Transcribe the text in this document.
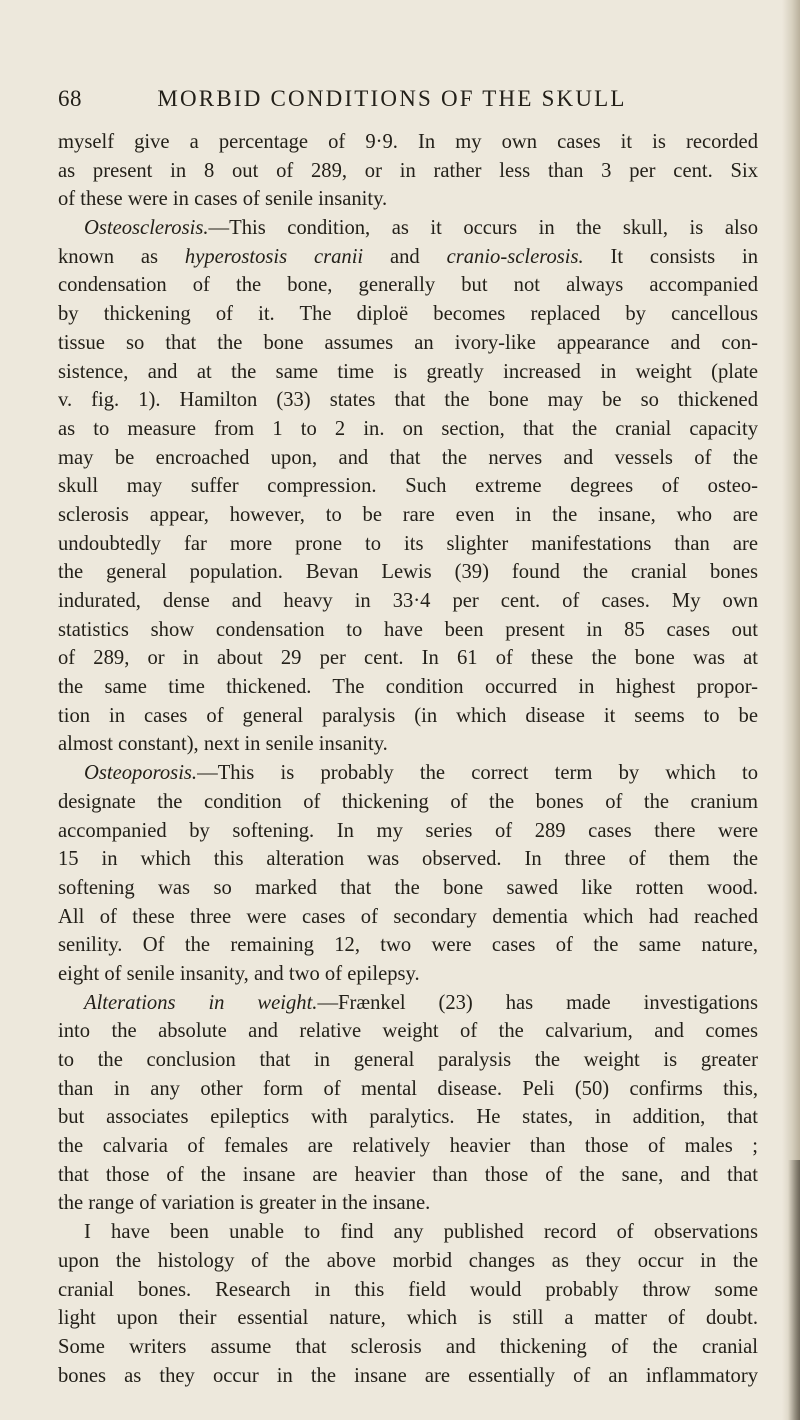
68	MORBID CONDITIONS OF THE SKULL
myself give a percentage of 9·9. In my own cases it is recorded
as present in 8 out of 289, or in rather less than 3 per cent. Six
of these were in cases of senile insanity.
Osteosclerosis.—This condition, as it occurs in the skull, is also
known as hyperostosis cranii and cranio-sclerosis. It consists in
condensation of the bone, generally but not always accompanied
by thickening of it. The diploë becomes replaced by cancellous
tissue so that the bone assumes an ivory-like appearance and con-
sistence, and at the same time is greatly increased in weight (plate
v. fig. 1). Hamilton (33) states that the bone may be so thickened
as to measure from 1 to 2 in. on section, that the cranial capacity
may be encroached upon, and that the nerves and vessels of the
skull may suffer compression. Such extreme degrees of osteo-
sclerosis appear, however, to be rare even in the insane, who are
undoubtedly far more prone to its slighter manifestations than are
the general population. Bevan Lewis (39) found the cranial bones
indurated, dense and heavy in 33·4 per cent. of cases. My own
statistics show condensation to have been present in 85 cases out
of 289, or in about 29 per cent. In 61 of these the bone was at
the same time thickened. The condition occurred in highest propor-
tion in cases of general paralysis (in which disease it seems to be
almost constant), next in senile insanity.
Osteoporosis.—This is probably the correct term by which to
designate the condition of thickening of the bones of the cranium
accompanied by softening. In my series of 289 cases there were
15 in which this alteration was observed. In three of them the
softening was so marked that the bone sawed like rotten wood.
All of these three were cases of secondary dementia which had reached
senility. Of the remaining 12, two were cases of the same nature,
eight of senile insanity, and two of epilepsy.
Alterations in weight.—Frænkel (23) has made investigations
into the absolute and relative weight of the calvarium, and comes
to the conclusion that in general paralysis the weight is greater
than in any other form of mental disease. Peli (50) confirms this,
but associates epileptics with paralytics. He states, in addition, that
the calvaria of females are relatively heavier than those of males ;
that those of the insane are heavier than those of the sane, and that
the range of variation is greater in the insane.
I have been unable to find any published record of observations
upon the histology of the above morbid changes as they occur in the
cranial bones. Research in this field would probably throw some
light upon their essential nature, which is still a matter of doubt.
Some writers assume that sclerosis and thickening of the cranial
bones as they occur in the insane are essentially of an inflammatory
